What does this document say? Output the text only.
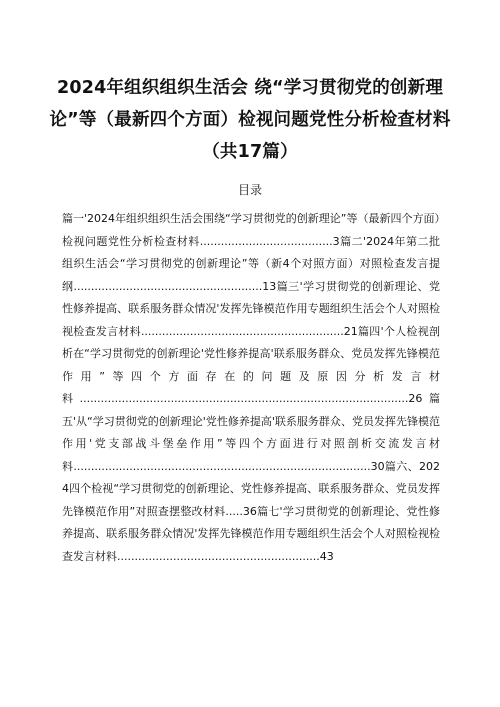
2024年组织组织生活会 绕“学习贯彻党的创新理论”等（最新四个方面）检视问题党性分析检查材料（共17篇）

目录

篇一'2024年组织组织生活会围绕“学习贯彻党的创新理论”等（最新四个方面）检视问题党性分析检查材料......................................3篇二'2024年第二批组织生活会“学习贯彻党的创新理论”等（新4个对照方面）对照检查发言提纲......................................................13篇三'学习贯彻党的创新理论、党性修养提高、联系服务群众情况'发挥先锋模范作用专题组织生活会个人对照检视检查发言材料..........................................................21篇四'个人检视剖析在“学习贯彻党的创新理论'党性修养提高'联系服务群众、党员发挥先锋模范作用”等四个方面存在的问题及原因分析发言材料..............................................................................................26篇五'从“学习贯彻党的创新理论'党性修养提高'联系服务群众、党员发挥先锋模范作用'党支部战斗堡垒作用”等四个方面进行对照剖析交流发言材料.....................................................................................30篇六、2024四个检视“学习贯彻党的创新理论、党性修养提高、联系服务群众、党员发挥先锋模范作用”对照查摆整改材料.....36篇七'学习贯彻党的创新理论、党性修养提高、联系服务群众情况'发挥先锋模范作用专题组织生活会个人对照检视检查发言材料..........................................................43
